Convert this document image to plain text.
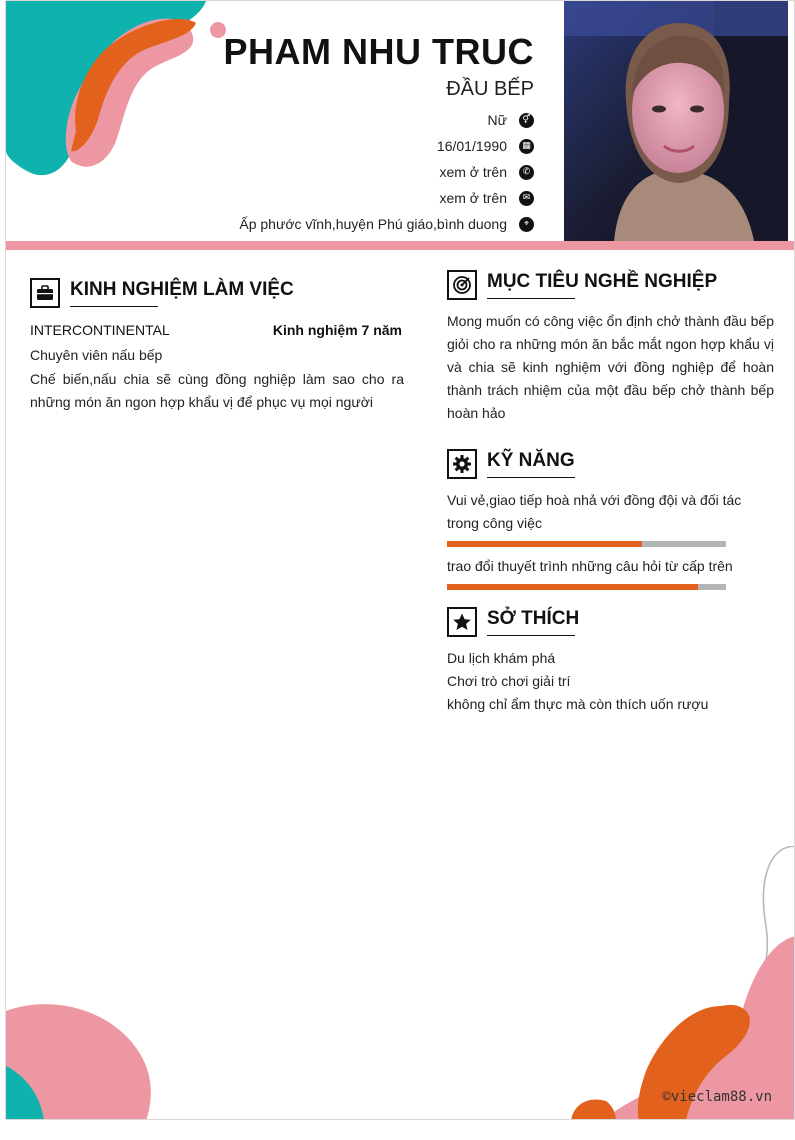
PHAM NHU TRUC
ĐẦU BẾP
Nữ	⚥
16/01/1990	▦
xem ở trên	✆
xem ở trên	✉
Ấp phước vĩnh,huyện Phú giáo,bình duong	⌖
KINH NGHIỆM LÀM VIỆC
INTERCONTINENTAL	Kinh nghiệm 7 năm
Chuyên viên nấu bếp
Chế biến,nấu chia sẽ cùng đồng nghiệp làm sao cho ra những món ăn ngon hợp khẩu vị để phục vụ mọi người
MỤC TIÊU NGHỀ NGHIỆP
Mong muốn có công việc ổn định chở thành đầu bếp giỏi cho ra những món ăn bắc mắt ngon hợp khẩu vị và chia sẽ kinh nghiệm với đồng nghiệp để hoàn thành trách nhiệm của một đầu bếp chở thành bếp hoàn hảo
KỸ NĂNG
Vui vẻ,giao tiếp hoà nhả với đồng đội và đối tác trong công việc
trao đổi thuyết trình những câu hỏi từ cấp trên
SỞ THÍCH
Du lịch khám phá
Chơi trò chơi giải trí
không chỉ ẩm thực mà còn thích uốn rượu
©vieclam88.vn
